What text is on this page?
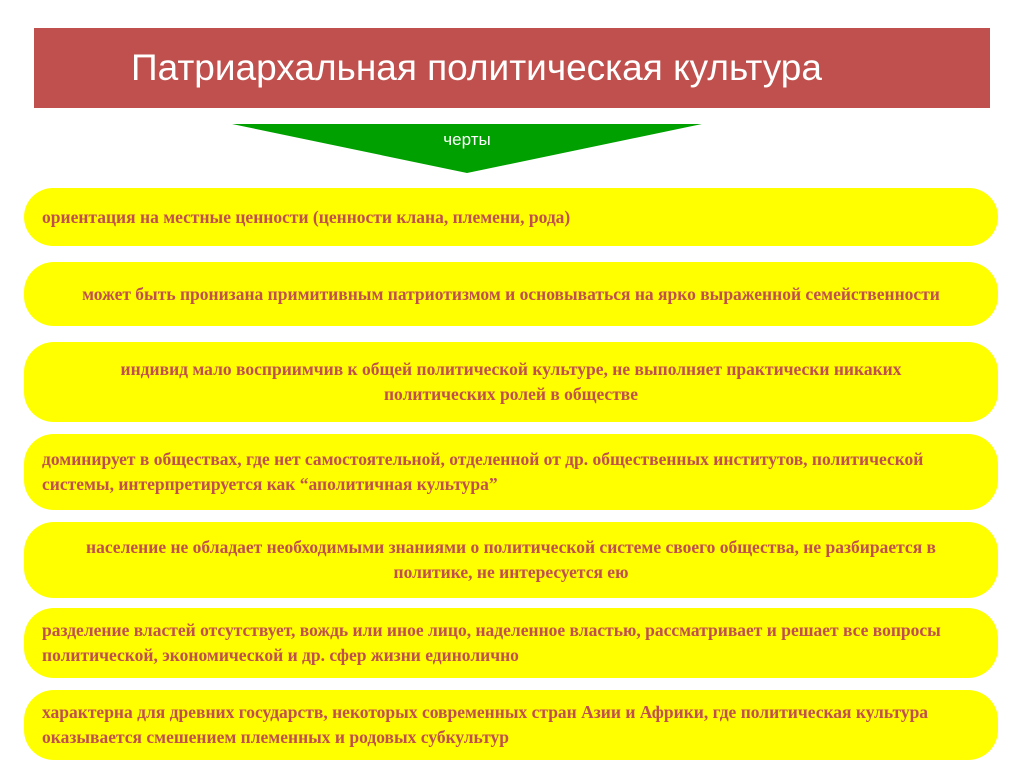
Патриархальная политическая культура
черты
ориентация на местные ценности (ценности клана, племени, рода)
может быть пронизана примитивным патриотизмом и основываться на ярко выраженной семейственности
индивид мало восприимчив к общей политической культуре, не выполняет практически никаких политических ролей в обществе
доминирует в обществах, где нет самостоятельной, отделенной от др. общественных институтов, политической системы, интерпретируется как “аполитичная культура”
население не обладает необходимыми знаниями о политической системе своего общества, не разбирается в политике, не интересуется ею
разделение властей отсутствует, вождь или иное лицо, наделенное властью, рассматривает и решает все вопросы политической, экономической и др. сфер жизни единолично
характерна для древних государств, некоторых современных стран Азии и Африки, где политическая культура оказывается смешением племенных и родовых субкультур
